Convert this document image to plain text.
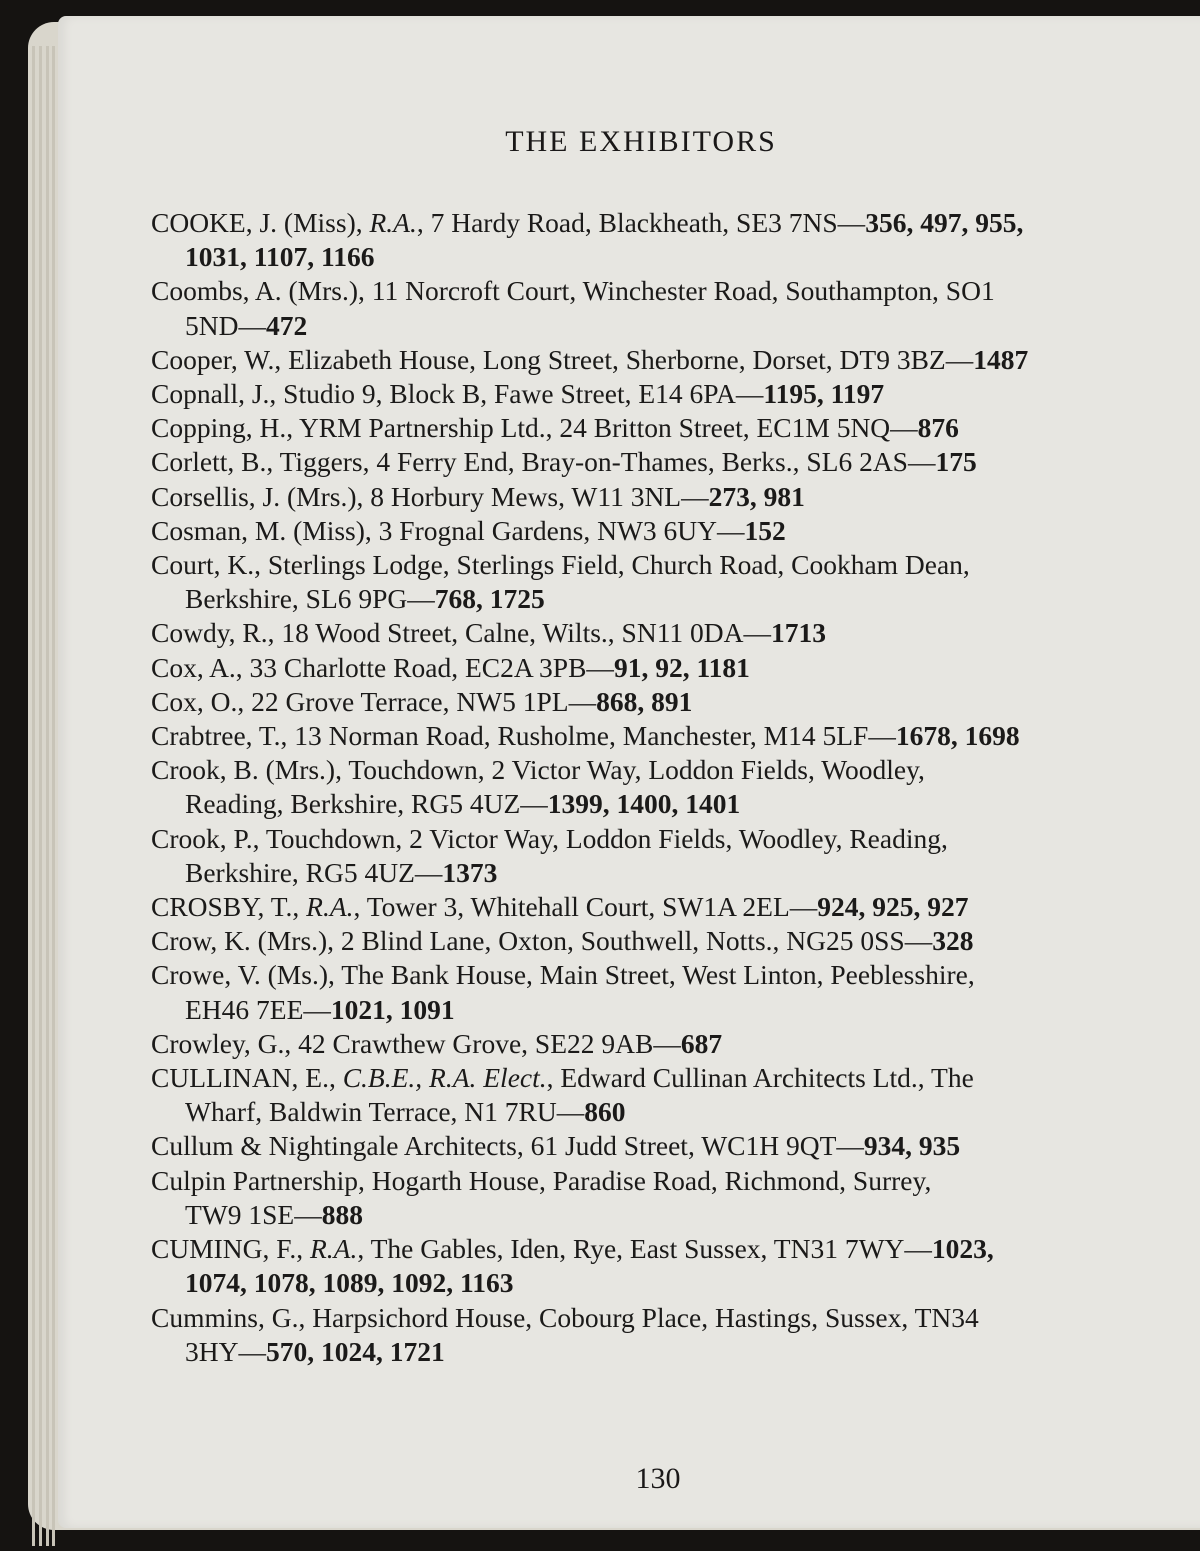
THE EXHIBITORS

COOKE, J. (Miss), R.A., 7 Hardy Road, Blackheath, SE3 7NS—356, 497, 955,
1031, 1107, 1166

Coombs, A. (Mrs.), 11 Norcroft Court, Winchester Road, Southampton, SO1
5ND—472

Cooper, W., Elizabeth House, Long Street, Sherborne, Dorset, DT9 3BZ—1487

Copnall, J., Studio 9, Block B, Fawe Street, E14 6PA—1195, 1197

Copping, H., YRM Partnership Ltd., 24 Britton Street, EC1M 5NQ—876

Corlett, B., Tiggers, 4 Ferry End, Bray-on-Thames, Berks., SL6 2AS—175

Corsellis, J. (Mrs.), 8 Horbury Mews, W11 3NL—273, 981

Cosman, M. (Miss), 3 Frognal Gardens, NW3 6UY—152

Court, K., Sterlings Lodge, Sterlings Field, Church Road, Cookham Dean,
Berkshire, SL6 9PG—768, 1725

Cowdy, R., 18 Wood Street, Calne, Wilts., SN11 0DA—1713

Cox, A., 33 Charlotte Road, EC2A 3PB—91, 92, 1181

Cox, O., 22 Grove Terrace, NW5 1PL—868, 891

Crabtree, T., 13 Norman Road, Rusholme, Manchester, M14 5LF—1678, 1698

Crook, B. (Mrs.), Touchdown, 2 Victor Way, Loddon Fields, Woodley,
Reading, Berkshire, RG5 4UZ—1399, 1400, 1401

Crook, P., Touchdown, 2 Victor Way, Loddon Fields, Woodley, Reading,
Berkshire, RG5 4UZ—1373

CROSBY, T., R.A., Tower 3, Whitehall Court, SW1A 2EL—924, 925, 927

Crow, K. (Mrs.), 2 Blind Lane, Oxton, Southwell, Notts., NG25 0SS—328

Crowe, V. (Ms.), The Bank House, Main Street, West Linton, Peeblesshire,
EH46 7EE—1021, 1091

Crowley, G., 42 Crawthew Grove, SE22 9AB—687

CULLINAN, E., C.B.E., R.A. Elect., Edward Cullinan Architects Ltd., The
Wharf, Baldwin Terrace, N1 7RU—860

Cullum & Nightingale Architects, 61 Judd Street, WC1H 9QT—934, 935

Culpin Partnership, Hogarth House, Paradise Road, Richmond, Surrey,
TW9 1SE—888

CUMING, F., R.A., The Gables, Iden, Rye, East Sussex, TN31 7WY—1023,
1074, 1078, 1089, 1092, 1163

Cummins, G., Harpsichord House, Cobourg Place, Hastings, Sussex, TN34
3HY—570, 1024, 1721

130
